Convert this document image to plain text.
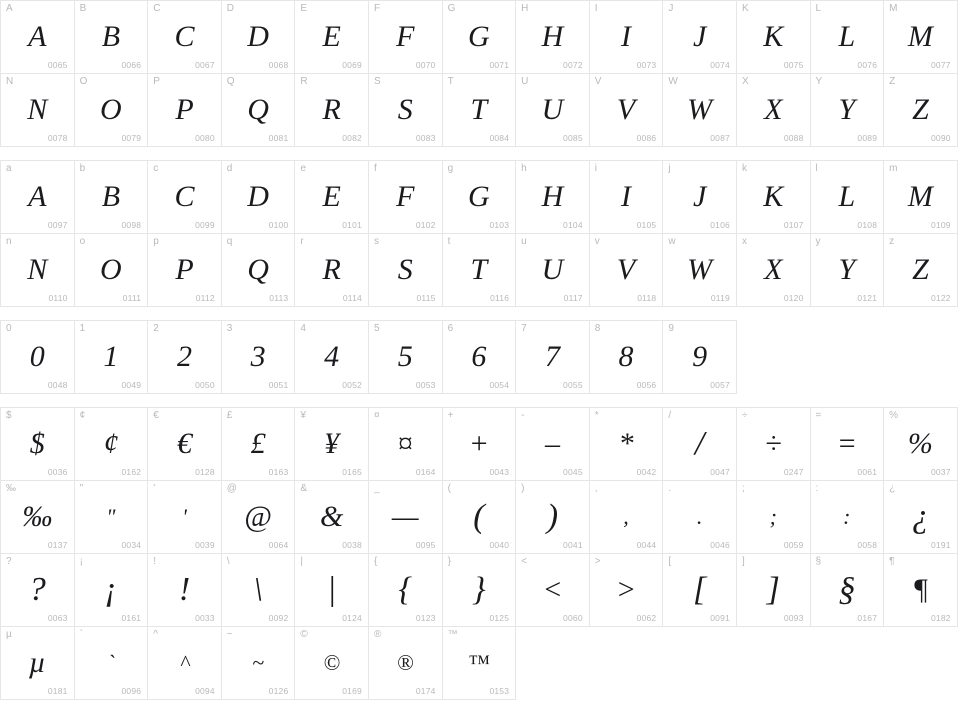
A
A
0065
B
B
0066
C
C
0067
D
D
0068
E
E
0069
F
F
0070
G
G
0071
H
H
0072
I
I
0073
J
J
0074
K
K
0075
L
L
0076
M
M
0077
N
N
0078
O
O
0079
P
P
0080
Q
Q
0081
R
R
0082
S
S
0083
T
T
0084
U
U
0085
V
V
0086
W
W
0087
X
X
0088
Y
Y
0089
Z
Z
0090
a
A
0097
b
B
0098
c
C
0099
d
D
0100
e
E
0101
f
F
0102
g
G
0103
h
H
0104
i
I
0105
j
J
0106
k
K
0107
l
L
0108
m
M
0109
n
N
0110
o
O
0111
p
P
0112
q
Q
0113
r
R
0114
s
S
0115
t
T
0116
u
U
0117
v
V
0118
w
W
0119
x
X
0120
y
Y
0121
z
Z
0122
0
0
0048
1
1
0049
2
2
0050
3
3
0051
4
4
0052
5
5
0053
6
6
0054
7
7
0055
8
8
0056
9
9
0057
$
$
0036
¢
¢
0162
€
€
0128
£
£
0163
¥
¥
0165
¤
¤
0164
+
+
0043
-
–
0045
*
*
0042
/
/
0047
÷
÷
0247
=
=
0061
%
%
0037
‰
‰
0137
"
"
0034
'
'
0039
@
@
0064
&
&
0038
_
—
0095
(
(
0040
)
)
0041
,
,
0044
.
.
0046
;
;
0059
:
:
0058
¿
¿
0191
?
?
0063
¡
¡
0161
!
!
0033
\
\
0092
|
|
0124
{
{
0123
}
}
0125
<
<
0060
>
>
0062
[
[
0091
]
]
0093
§
§
0167
¶
¶
0182
µ
µ
0181
`
`
0096
^
^
0094
~
~
0126
©
©
0169
®
®
0174
™
™
0153
